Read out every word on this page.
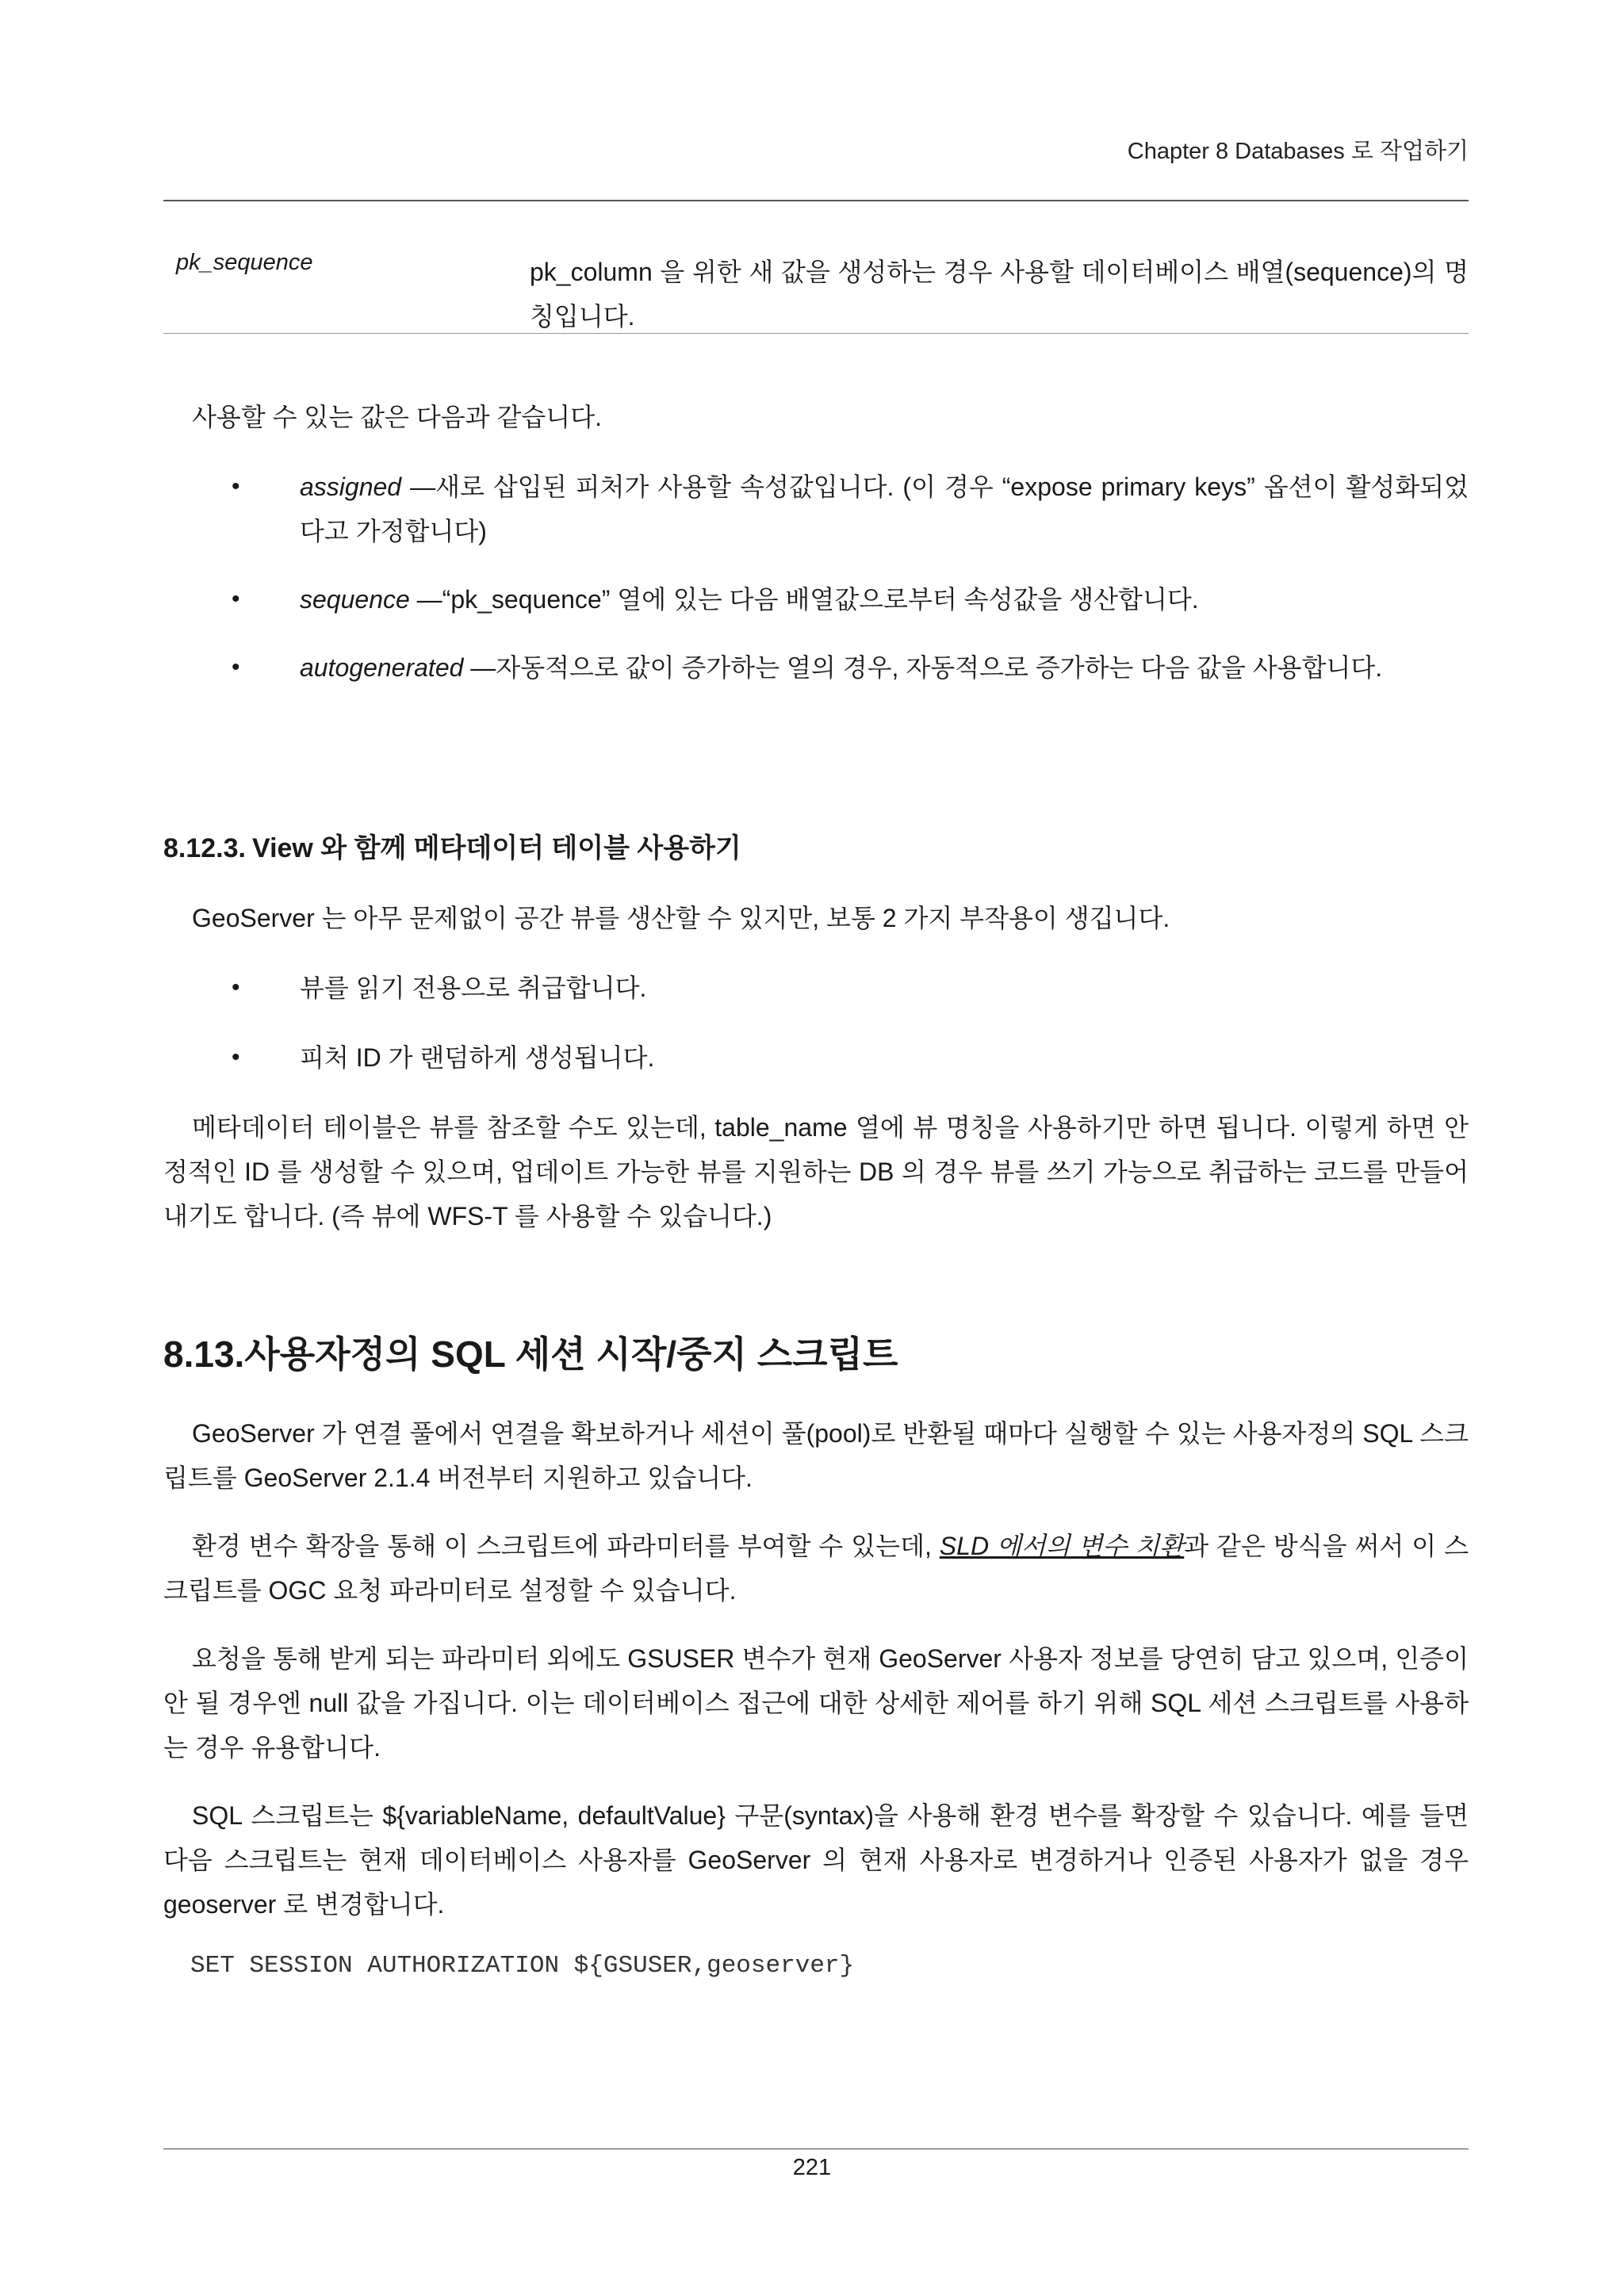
Chapter 8 Databases 로 작업하기
pk_sequence	pk_column 을 위한 새 값을 생성하는 경우 사용할 데이터베이스 배열(sequence)의 명칭입니다.
사용할 수 있는 값은 다음과 같습니다.
•	assigned —새로 삽입된 피처가 사용할 속성값입니다. (이 경우 “expose primary keys” 옵션이 활성화되었다고 가정합니다)
•	sequence —“pk_sequence” 열에 있는 다음 배열값으로부터 속성값을 생산합니다.
•	autogenerated —자동적으로 값이 증가하는 열의 경우, 자동적으로 증가하는 다음 값을 사용합니다.
8.12.3. View 와 함께 메타데이터 테이블 사용하기
GeoServer 는 아무 문제없이 공간 뷰를 생산할 수 있지만, 보통 2 가지 부작용이 생깁니다.
•	뷰를 읽기 전용으로 취급합니다.
•	피처 ID 가 랜덤하게 생성됩니다.
메타데이터 테이블은 뷰를 참조할 수도 있는데, table_name 열에 뷰 명칭을 사용하기만 하면 됩니다. 이렇게 하면 안정적인 ID 를 생성할 수 있으며, 업데이트 가능한 뷰를 지원하는 DB 의 경우 뷰를 쓰기 가능으로 취급하는 코드를 만들어내기도 합니다. (즉 뷰에 WFS-T 를 사용할 수 있습니다.)
8.13.사용자정의 SQL 세션 시작/중지 스크립트
GeoServer 가 연결 풀에서 연결을 확보하거나 세션이 풀(pool)로 반환될 때마다 실행할 수 있는 사용자정의 SQL 스크립트를 GeoServer 2.1.4 버전부터 지원하고 있습니다.
환경 변수 확장을 통해 이 스크립트에 파라미터를 부여할 수 있는데, SLD 에서의 변수 치환과 같은 방식을 써서 이 스크립트를 OGC 요청 파라미터로 설정할 수 있습니다.
요청을 통해 받게 되는 파라미터 외에도 GSUSER 변수가 현재 GeoServer 사용자 정보를 당연히 담고 있으며, 인증이 안 될 경우엔 null 값을 가집니다. 이는 데이터베이스 접근에 대한 상세한 제어를 하기 위해 SQL 세션 스크립트를 사용하는 경우 유용합니다.
SQL 스크립트는 ${variableName, defaultValue} 구문(syntax)을 사용해 환경 변수를 확장할 수 있습니다. 예를 들면 다음 스크립트는 현재 데이터베이스 사용자를 GeoServer 의 현재 사용자로 변경하거나 인증된 사용자가 없을 경우 geoserver 로 변경합니다.
SET SESSION AUTHORIZATION ${GSUSER,geoserver}
221
